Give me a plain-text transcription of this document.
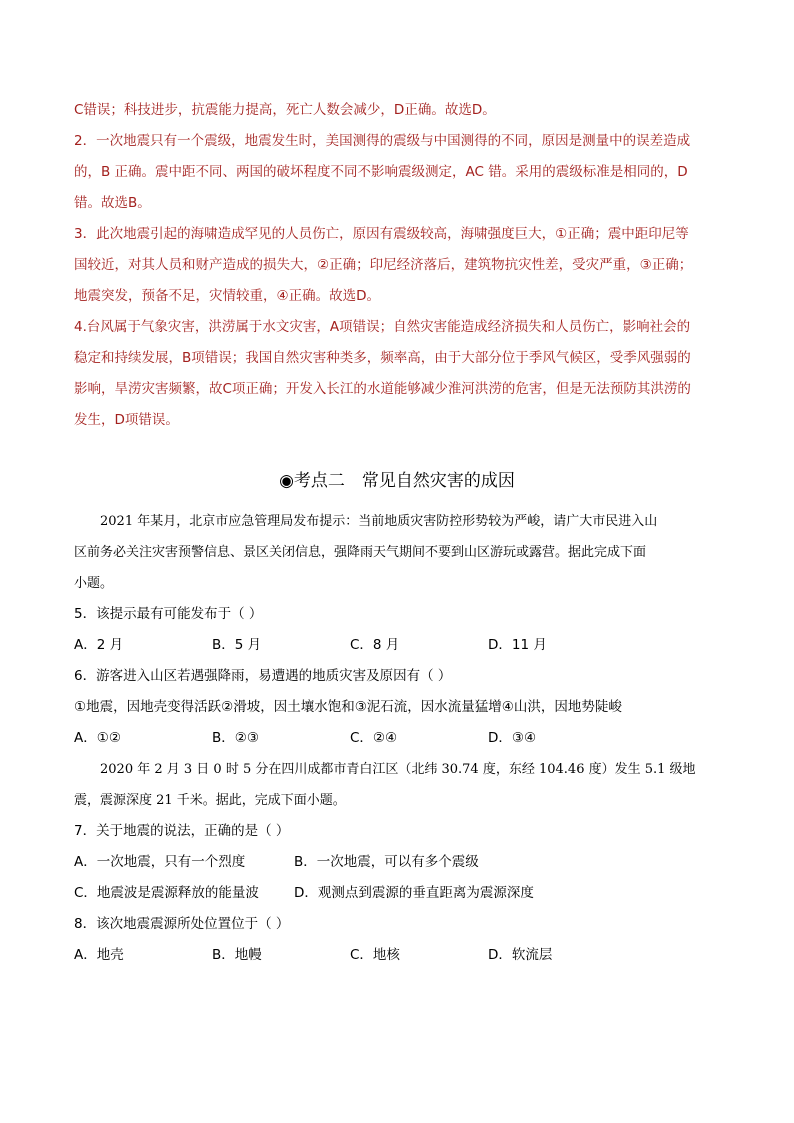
C错误；科技进步，抗震能力提高，死亡人数会减少，D正确。故选D。
2．一次地震只有一个震级，地震发生时，美国测得的震级与中国测得的不同，原因是测量中的误差造成
的，B 正确。震中距不同、两国的破坏程度不同不影响震级测定，AC 错。采用的震级标准是相同的，D
错。故选B。
3．此次地震引起的海啸造成罕见的人员伤亡，原因有震级较高，海啸强度巨大，①正确；震中距印尼等
国较近，对其人员和财产造成的损失大，②正确；印尼经济落后，建筑物抗灾性差，受灾严重，③正确；
地震突发，预备不足，灾情较重，④正确。故选D。
4.台风属于气象灾害，洪涝属于水文灾害，A项错误；自然灾害能造成经济损失和人员伤亡，影响社会的
稳定和持续发展，B项错误；我国自然灾害种类多，频率高，由于大部分位于季风气候区，受季风强弱的
影响，旱涝灾害频繁，故C项正确；开发入长江的水道能够减少淮河洪涝的危害，但是无法预防其洪涝的
发生，D项错误。
◉考点二　常见自然灾害的成因
2021 年某月，北京市应急管理局发布提示：当前地质灾害防控形势较为严峻，请广大市民进入山
区前务必关注灾害预警信息、景区关闭信息，强降雨天气期间不要到山区游玩或露营。据此完成下面
小题。
5．该提示最有可能发布于（ ）
A．2 月	B．5 月	C．8 月	D．11 月
6．游客进入山区若遇强降雨，易遭遇的地质灾害及原因有（ ）
①地震，因地壳变得活跃②滑坡，因土壤水饱和③泥石流，因水流量猛增④山洪，因地势陡峻
A．①②	B．②③	C．②④	D．③④
2020 年 2 月 3 日 0 时 5 分在四川成都市青白江区（北纬 30.74 度，东经 104.46 度）发生 5.1 级地
震，震源深度 21 千米。据此，完成下面小题。
7．关于地震的说法，正确的是（ ）
A．一次地震，只有一个烈度	B．一次地震，可以有多个震级
C．地震波是震源释放的能量波	D．观测点到震源的垂直距离为震源深度
8．该次地震震源所处位置位于（ ）
A．地壳	B．地幔	C．地核	D．软流层
